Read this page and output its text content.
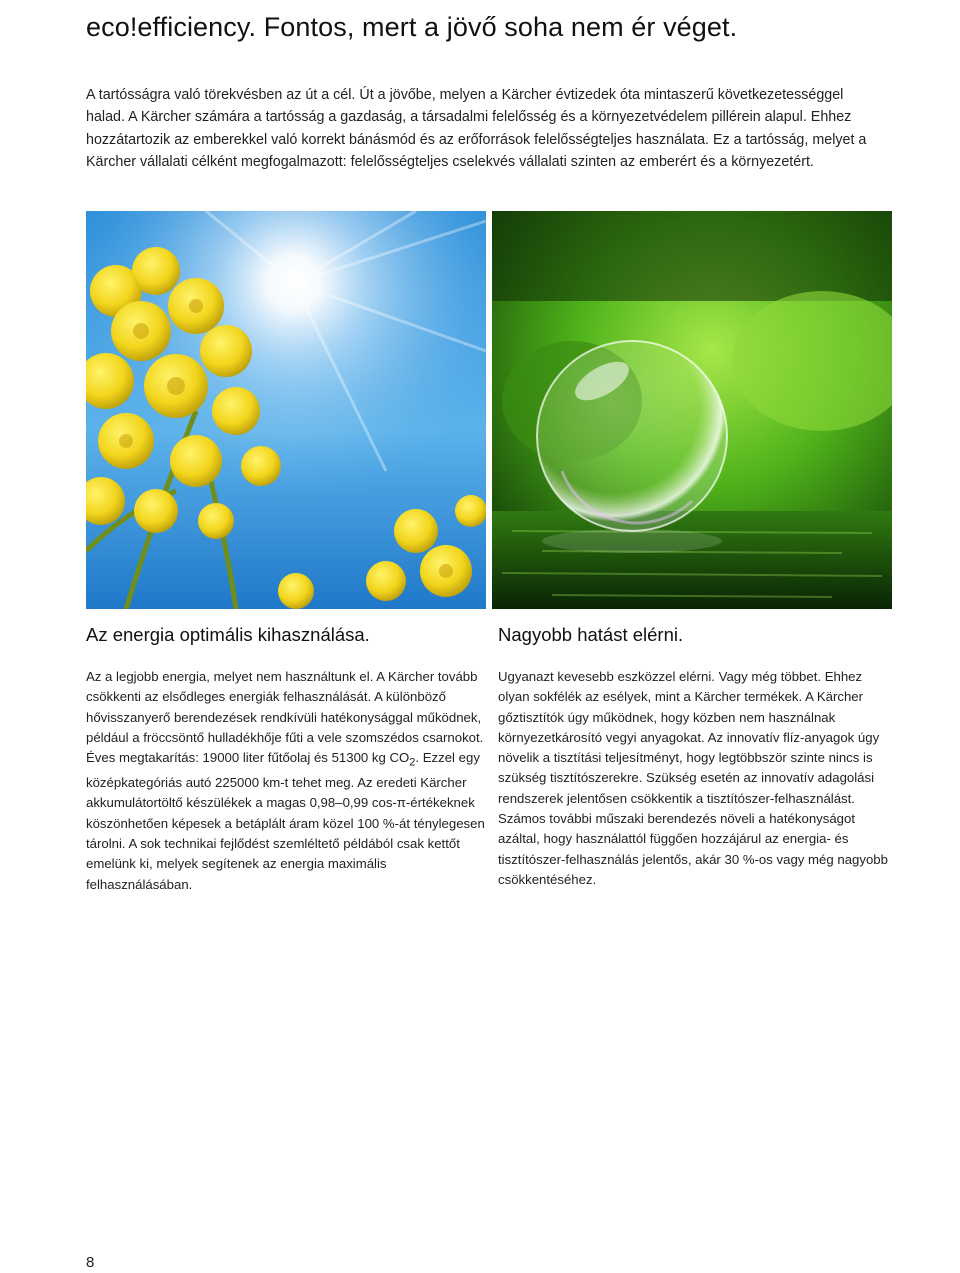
eco!efficiency. Fontos, mert a jövő soha nem ér véget.

A tartósságra való törekvésben az út a cél. Út a jövőbe, melyen a Kärcher évtizedek óta mintaszerű következetességgel halad. A Kärcher számára a tartósság a gazdaság, a társadalmi felelősség és a környezetvédelem pillérein alapul. Ehhez hozzátartozik az emberekkel való korrekt bánásmód és az erőforrások felelősségteljes használata. Ez a tartósság, melyet a Kärcher vállalati célként megfogalmazott: felelősségteljes cselekvés vállalati szinten az emberért és a környezetért.

Az energia optimális kihasználása.

Az a legjobb energia, melyet nem használtunk el. A Kärcher tovább csökkenti az elsődleges energiák felhasználását. A különböző hővisszanyerő berendezések rendkívüli hatékonysággal működnek, például a fröccsöntő hulladékhője fűti a vele szomszédos csarnokot. Éves megtakarítás: 19000 liter fűtőolaj és 51300 kg $CO_2$. Ezzel egy középkategóriás autó 225000 km-t tehet meg. Az eredeti Kärcher akkumulátortöltő készülékek a magas 0,98–0,99 cos-π-értékeknek köszönhetően képesek a betáplált áram közel 100 %-át ténylegesen tárolni. A sok technikai fejlődést szemléltető példából csak kettőt emelünk ki, melyek segítenek az energia maximális felhasználásában.

Nagyobb hatást elérni.

Ugyanazt kevesebb eszközzel elérni. Vagy még többet. Ehhez olyan sokfélék az esélyek, mint a Kärcher termékek. A Kärcher gőztisztítók úgy működnek, hogy közben nem használnak környezetkárosító vegyi anyagokat. Az innovatív flíz-anyagok úgy növelik a tisztítási teljesítményt, hogy legtöbbször szinte nincs is szükség tisztítószerekre. Szükség esetén az innovatív adagolási rendszerek jelentősen csökkentik a tisztítószer-felhasználást. Számos további műszaki berendezés növeli a hatékonyságot azáltal, hogy használattól függően hozzájárul az energia- és tisztítószer-felhasználás jelentős, akár 30 %-os vagy még nagyobb csökkentéséhez.

8
